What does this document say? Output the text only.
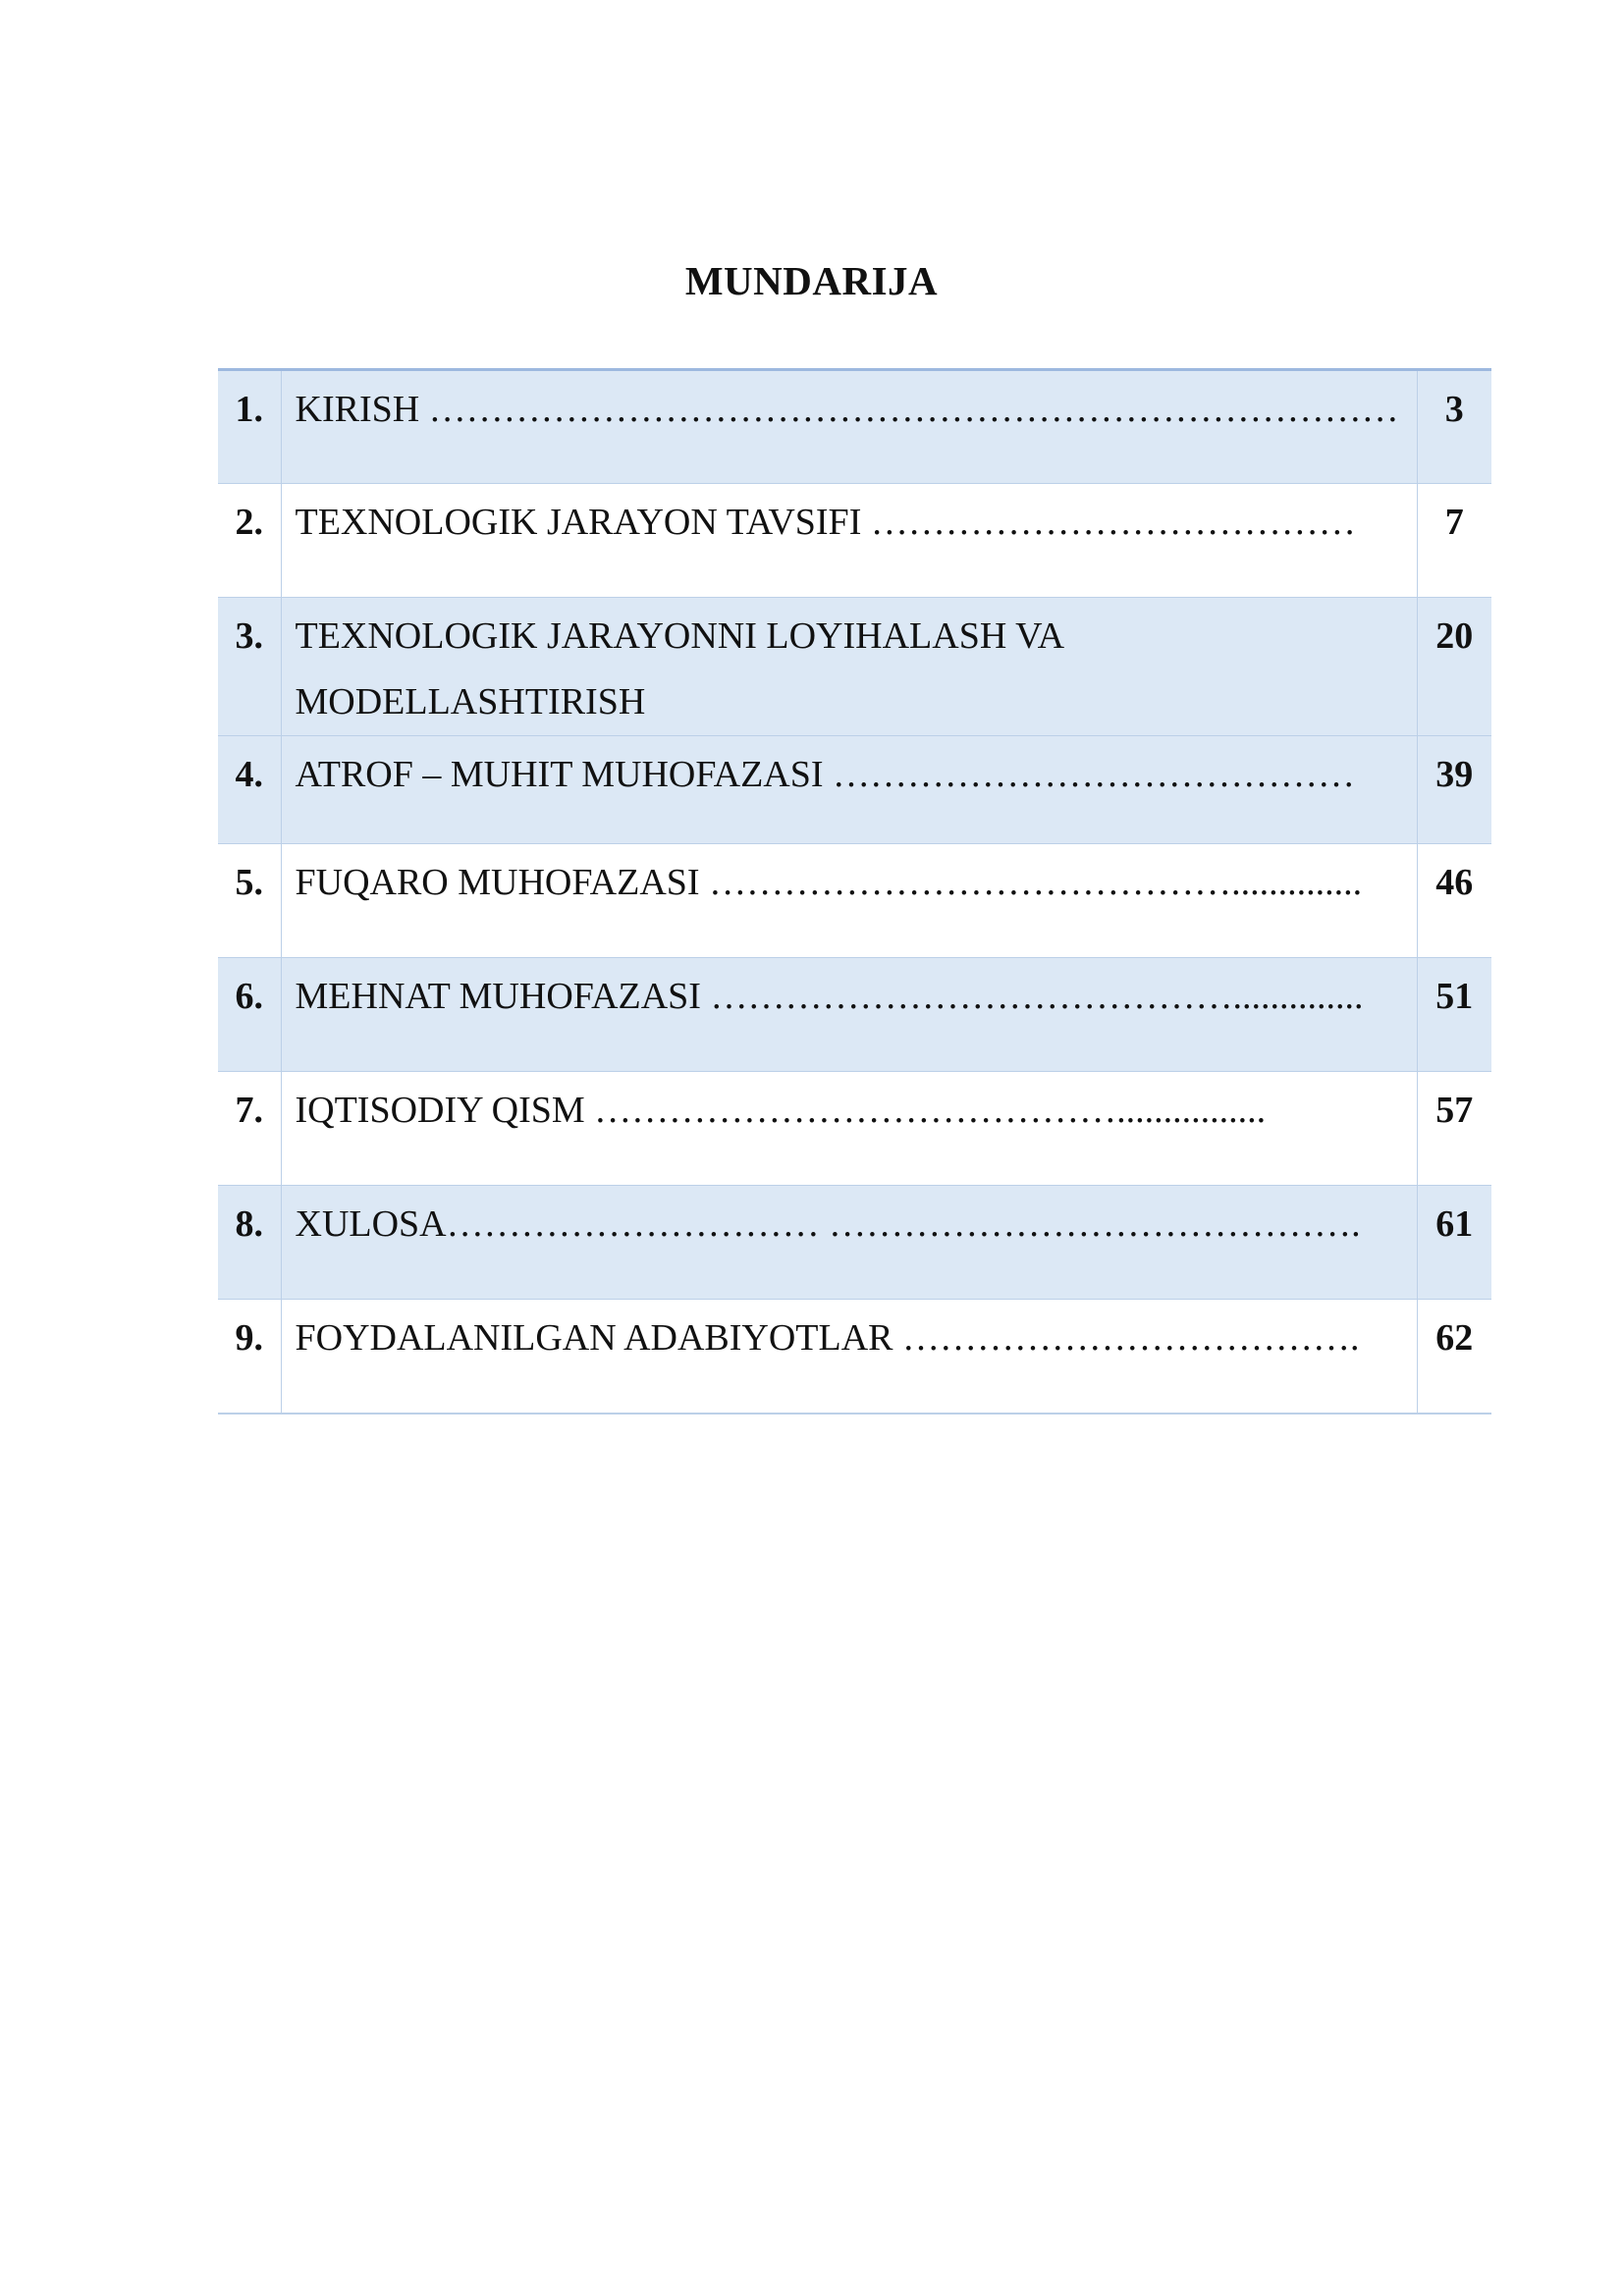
MUNDARIJA
1.	KIRISH ……………………………………………………………………	3
2.	TEXNOLOGIK JARAYON TAVSIFI …………………………………	7
3.	TEXNOLOGIK JARAYONNI LOYIHALASH VA MODELLASHTIRISH	20
4.	ATROF – MUHIT MUHOFAZASI ……………………………………	39
5.	FUQARO MUHOFAZASI ……………………………………..............	46
6.	MEHNAT MUHOFAZASI ……………………………………..............	51
7.	IQTISODIY QISM ……………………………………................	57
8.	XULOSA………………………… …………………………………….	61
9.	FOYDALANILGAN ADABIYOTLAR ……………………………….	62
